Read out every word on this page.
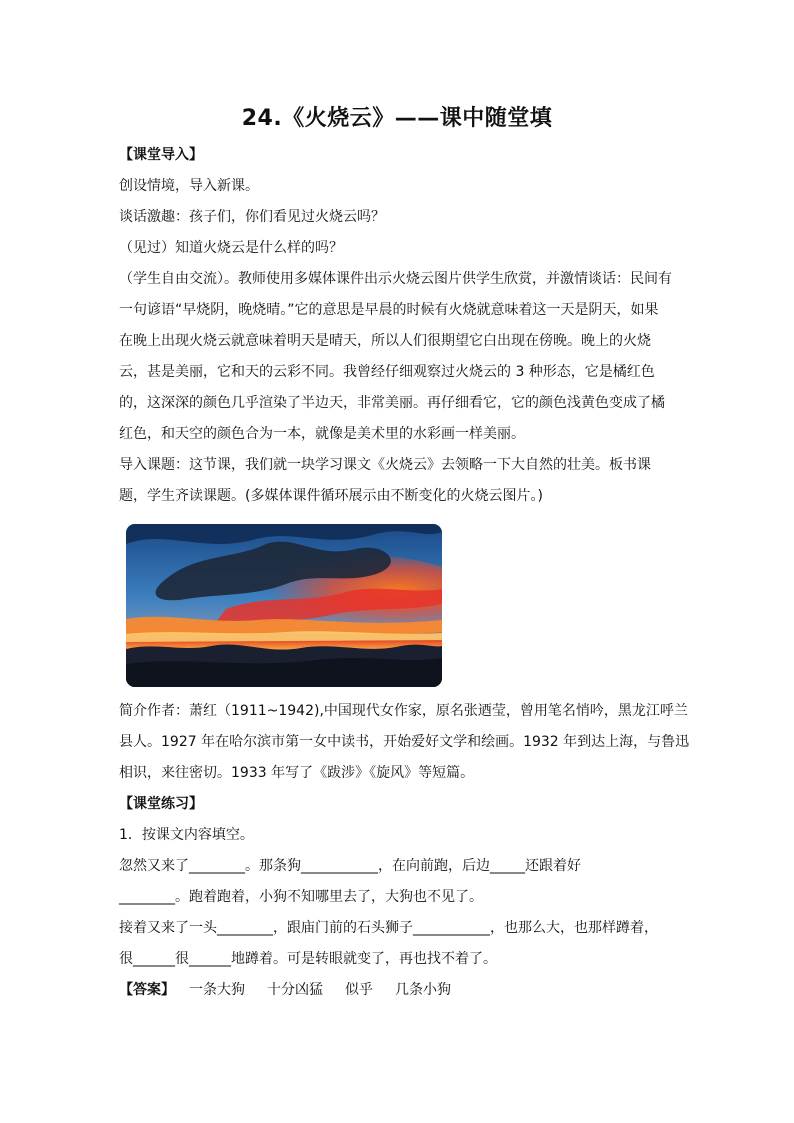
24.《火烧云》——课中随堂填

【课堂导入】

创设情境，导入新课。

谈话激趣：孩子们，你们看见过火烧云吗？

（见过）知道火烧云是什么样的吗？

（学生自由交流）。教师使用多媒体课件出示火烧云图片供学生欣赏，并激情谈话：民间有

一句谚语“早烧阴，晚烧晴。”它的意思是早晨的时候有火烧就意味着这一天是阴天，如果

在晚上出现火烧云就意味着明天是晴天，所以人们很期望它白出现在傍晚。晚上的火烧

云，甚是美丽，它和天的云彩不同。我曾经仔细观察过火烧云的 3 种形态，它是橘红色

的，这深深的颜色几乎渲染了半边天，非常美丽。再仔细看它，它的颜色浅黄色变成了橘

红色，和天空的颜色合为一本，就像是美术里的水彩画一样美丽。

导入课题：这节课，我们就一块学习课文《火烧云》去领略一下大自然的壮美。板书课

题，学生齐读课题。(多媒体课件循环展示由不断变化的火烧云图片。)

简介作者：萧红（1911~1942),中国现代女作家，原名张迺莹，曾用笔名悄吟，黑龙江呼兰

县人。1927 年在哈尔滨市第一女中读书，开始爱好文学和绘画。1932 年到达上海，与鲁迅

相识，来往密切。1933 年写了《跋涉》《旋风》等短篇。

【课堂练习】

1．按课文内容填空。

忽然又来了________。那条狗___________，在向前跑，后边_____还跟着好

________。跑着跑着，小狗不知哪里去了，大狗也不见了。

接着又来了一头________，跟庙门前的石头狮子___________，也那么大，也那样蹲着，

很______很______地蹲着。可是转眼就变了，再也找不着了。

【答案】 一条大狗 十分凶猛 似乎 几条小狗
